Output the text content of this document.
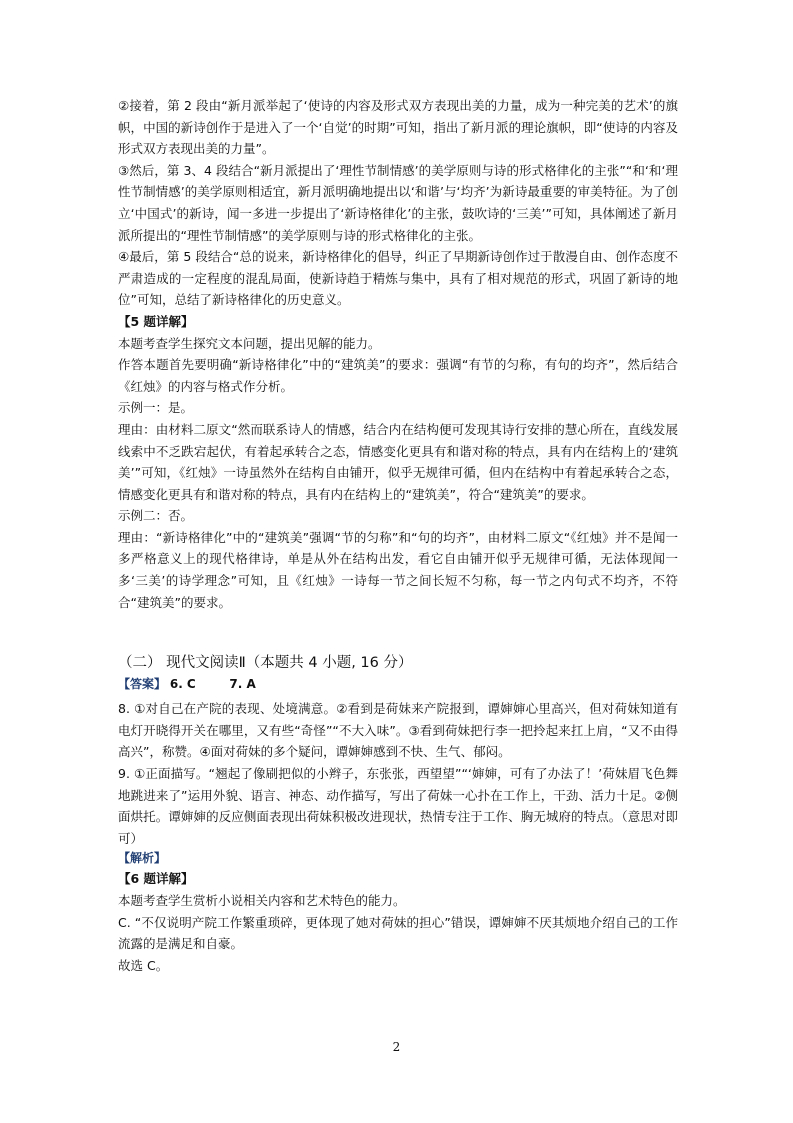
②接着，第 2 段由“新月派举起了‘使诗的内容及形式双方表现出美的力量，成为一种完美的艺术’的旗帜，中国的新诗创作于是进入了一个‘自觉’的时期”可知，指出了新月派的理论旗帜，即“使诗的内容及形式双方表现出美的力量”。

③然后，第 3、4 段结合“新月派提出了‘理性节制情感’的美学原则与诗的形式格律化的主张”“和‘和‘理性节制情感’的美学原则相适宜，新月派明确地提出以‘和谐’与‘均齐’为新诗最重要的审美特征。为了创立‘中国式’的新诗，闻一多进一步提出了‘新诗格律化’的主张，鼓吹诗的‘三美’”可知，具体阐述了新月派所提出的“理性节制情感”的美学原则与诗的形式格律化的主张。

④最后，第 5 段结合“总的说来，新诗格律化的倡导，纠正了早期新诗创作过于散漫自由、创作态度不严肃造成的一定程度的混乱局面，使新诗趋于精炼与集中，具有了相对规范的形式，巩固了新诗的地位”可知，总结了新诗格律化的历史意义。

【5 题详解】

本题考查学生探究文本问题，提出见解的能力。

作答本题首先要明确“新诗格律化”中的“建筑美”的要求：强调“有节的匀称，有句的均齐”，然后结合《红烛》的内容与格式作分析。

示例一：是。

理由：由材料二原文“然而联系诗人的情感，结合内在结构便可发现其诗行安排的慧心所在，直线发展线索中不乏跌宕起伏，有着起承转合之态，情感变化更具有和谐对称的特点，具有内在结构上的‘建筑美’”可知，《红烛》一诗虽然外在结构自由铺开，似乎无规律可循，但内在结构中有着起承转合之态，情感变化更具有和谐对称的特点，具有内在结构上的“建筑美”，符合“建筑美”的要求。

示例二：否。

理由：“新诗格律化”中的“建筑美”强调“节的匀称”和“句的均齐”，由材料二原文“《红烛》并不是闻一多严格意义上的现代格律诗，单是从外在结构出发，看它自由铺开似乎无规律可循，无法体现闻一多‘三美’的诗学理念”可知，且《红烛》一诗每一节之间长短不匀称，每一节之内句式不均齐，不符合“建筑美”的要求。

（二） 现代文阅读Ⅱ（本题共 4 小题, 16 分）

【答案】 6. C	7. A

8. ①对自己在产院的表现、处境满意。②看到是荷妹来产院报到，谭婶婶心里高兴，但对荷妹知道有电灯开晓得开关在哪里，又有些“奇怪”“不大入味”。③看到荷妹把行李一把拎起来扛上肩，“又不由得高兴”，称赞。④面对荷妹的多个疑问，谭婶婶感到不快、生气、郁闷。

9. ①正面描写。“翘起了像刷把似的小辫子，东张张，西望望”“‘婶婶，可有了办法了！’荷妹眉飞色舞地跳进来了”运用外貌、语言、神态、动作描写，写出了荷妹一心扑在工作上，干劲、活力十足。②侧面烘托。谭婶婶的反应侧面表现出荷妹积极改进现状，热情专注于工作、胸无城府的特点。（意思对即可）

【解析】

【6 题详解】

本题考查学生赏析小说相关内容和艺术特色的能力。

C. “不仅说明产院工作繁重琐碎，更体现了她对荷妹的担心”错误，谭婶婶不厌其烦地介绍自己的工作流露的是满足和自豪。

故选 C。

2
